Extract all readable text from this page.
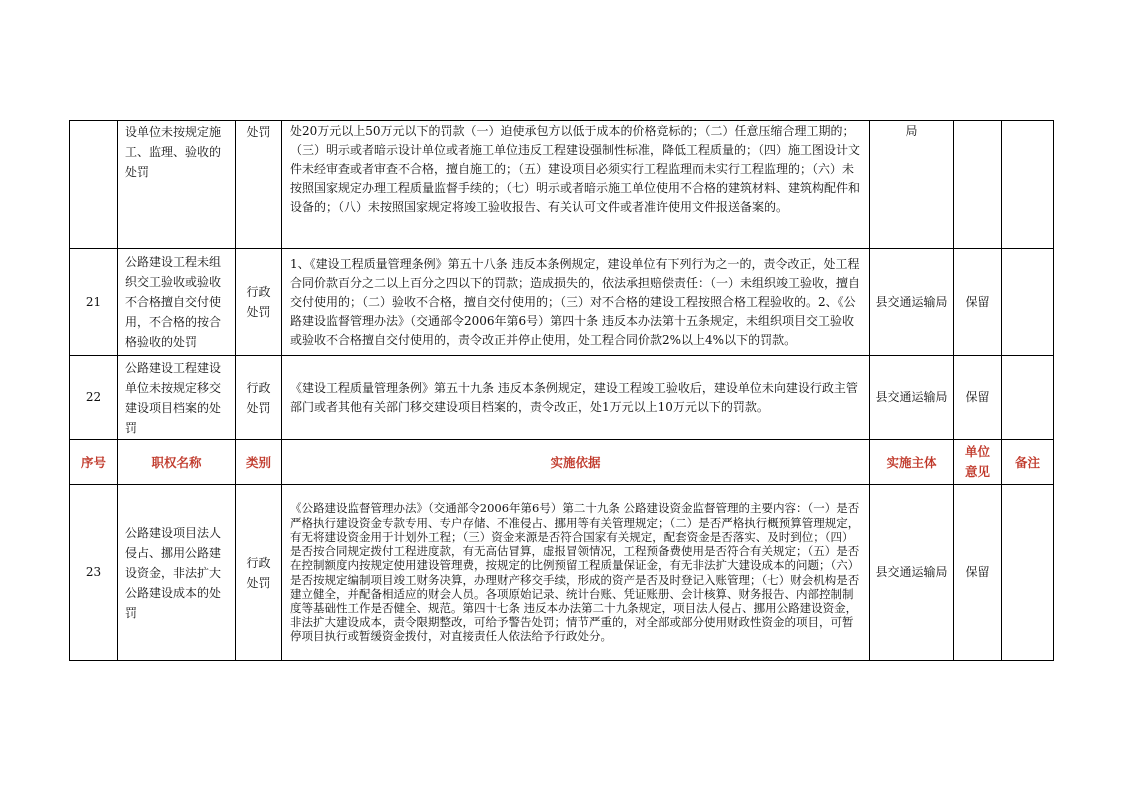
	设单位未按规定施工、监理、验收的处罚	处罚	处20万元以上50万元以下的罚款（一）迫使承包方以低于成本的价格竞标的；（二）任意压缩合理工期的；（三）明示或者暗示设计单位或者施工单位违反工程建设强制性标准，降低工程质量的；（四）施工图设计文件未经审查或者审查不合格，擅自施工的；（五）建设项目必须实行工程监理而未实行工程监理的；（六）未按照国家规定办理工程质量监督手续的；（七）明示或者暗示施工单位使用不合格的建筑材料、建筑构配件和设备的；（八）未按照国家规定将竣工验收报告、有关认可文件或者准许使用文件报送备案的。	局		
21	公路建设工程未组织交工验收或验收不合格擅自交付使用，不合格的按合格验收的处罚	行政处罚	1、《建设工程质量管理条例》第五十八条 违反本条例规定，建设单位有下列行为之一的，责令改正，处工程合同价款百分之二以上百分之四以下的罚款；造成损失的，依法承担赔偿责任：（一）未组织竣工验收，擅自交付使用的；（二）验收不合格，擅自交付使用的；（三）对不合格的建设工程按照合格工程验收的。2、《公路建设监督管理办法》（交通部令2006年第6号）第四十条 违反本办法第十五条规定，未组织项目交工验收或验收不合格擅自交付使用的，责令改正并停止使用，处工程合同价款2%以上4%以下的罚款。	县交通运输局	保留	
22	公路建设工程建设单位未按规定移交建设项目档案的处罚	行政处罚	《建设工程质量管理条例》第五十九条 违反本条例规定，建设工程竣工验收后，建设单位未向建设行政主管部门或者其他有关部门移交建设项目档案的，责令改正，处1万元以上10万元以下的罚款。	县交通运输局	保留	
序号	职权名称	类别	实施依据	实施主体	单位意见	备注
23	公路建设项目法人侵占、挪用公路建设资金，非法扩大公路建设成本的处罚	行政处罚	《公路建设监督管理办法》（交通部令2006年第6号）第二十九条 公路建设资金监督管理的主要内容：（一）是否严格执行建设资金专款专用、专户存储、不准侵占、挪用等有关管理规定；（二）是否严格执行概预算管理规定，有无将建设资金用于计划外工程；（三）资金来源是否符合国家有关规定，配套资金是否落实、及时到位；（四）是否按合同规定拨付工程进度款，有无高估冒算，虚报冒领情况，工程预备费使用是否符合有关规定；（五）是否在控制额度内按规定使用建设管理费，按规定的比例预留工程质量保证金，有无非法扩大建设成本的问题；（六）是否按规定编制项目竣工财务决算，办理财产移交手续，形成的资产是否及时登记入账管理；（七）财会机构是否建立健全，并配备相适应的财会人员。各项原始记录、统计台账、凭证账册、会计核算、财务报告、内部控制制度等基础性工作是否健全、规范。第四十七条 违反本办法第二十九条规定，项目法人侵占、挪用公路建设资金，非法扩大建设成本，责令限期整改，可给予警告处罚；情节严重的，对全部或部分使用财政性资金的项目，可暂停项目执行或暂缓资金拨付，对直接责任人依法给予行政处分。	县交通运输局	保留	
